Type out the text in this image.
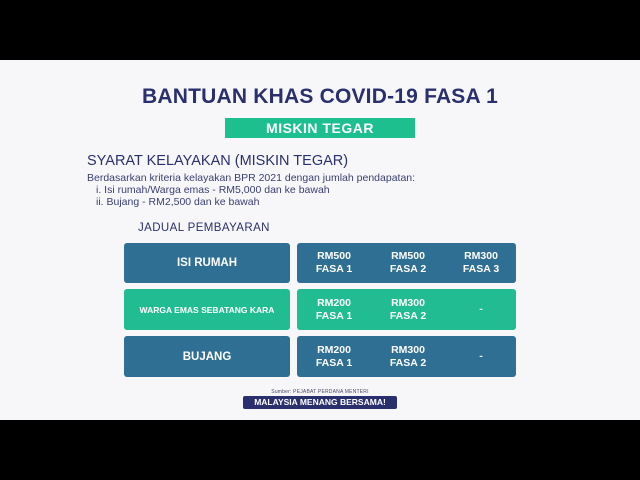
BANTUAN KHAS COVID-19 FASA 1
MISKIN TEGAR
SYARAT KELAYAKAN (MISKIN TEGAR)
Berdasarkan kriteria kelayakan BPR 2021 dengan jumlah pendapatan:
i. Isi rumah/Warga emas - RM5,000 dan ke bawah
ii. Bujang - RM2,500 dan ke bawah
JADUAL PEMBAYARAN
ISI RUMAH
RM500
FASA 1
RM500
FASA 2
RM300
FASA 3
WARGA EMAS SEBATANG KARA
RM200
FASA 1
RM300
FASA 2
-
BUJANG
RM200
FASA 1
RM300
FASA 2
-
Sumber: PEJABAT PERDANA MENTERI
MALAYSIA MENANG BERSAMA!
